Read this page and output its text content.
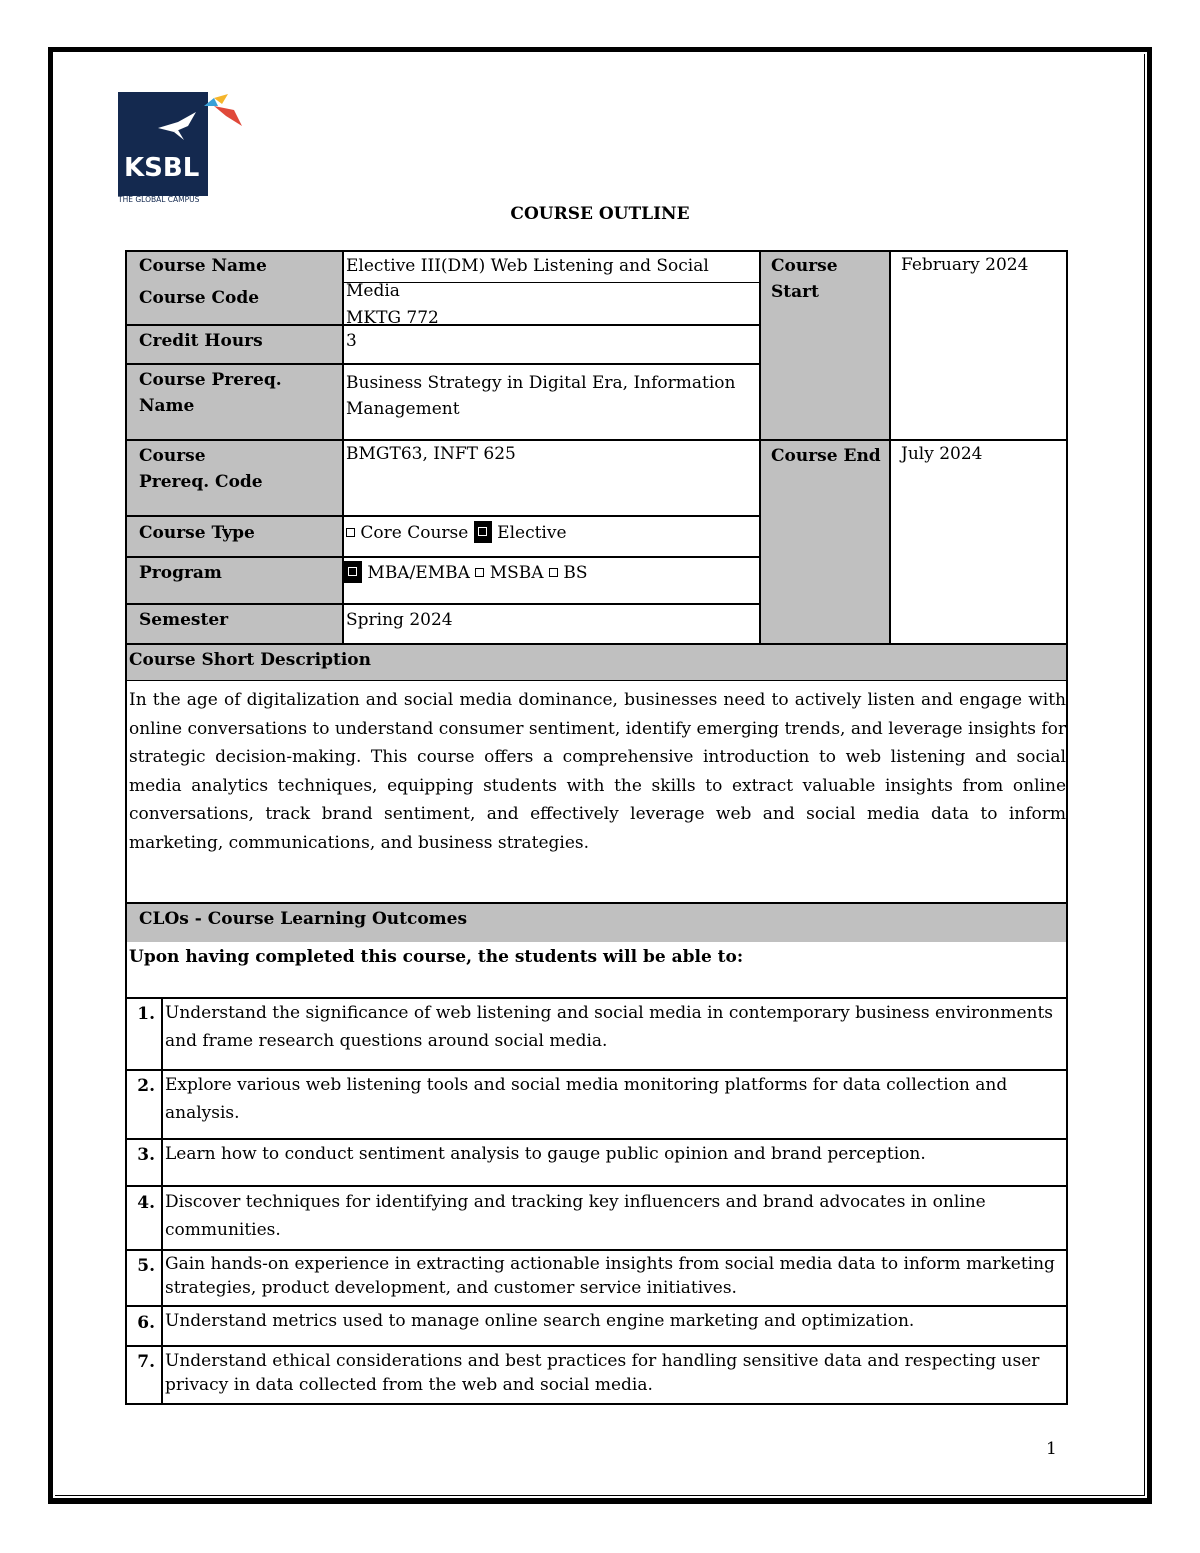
KSBL
THE GLOBAL CAMPUS
COURSE OUTLINE
Course Name
Course Code
Credit Hours
Course Prereq.
Name
Course
Prereq. Code
Course Type
Program
Semester
Course
Start
Course End
Elective III(DM) Web Listening and Social
Media
MKTG 772
3
Business Strategy in Digital Era, Information
Management
BMGT63, INFT 625
Core Course Elective
MBA/EMBA MSBA BS
Spring 2024
February 2024
July 2024
Course Short Description
In the age of digitalization and social media dominance, businesses need to actively listen and engage with online conversations to understand consumer sentiment, identify emerging trends, and leverage insights for strategic decision-making. This course offers a comprehensive introduction to web listening and social media analytics techniques, equipping students with the skills to extract valuable insights from online conversations, track brand sentiment, and effectively leverage web and social media data to inform marketing, communications, and business strategies.
CLOs - Course Learning Outcomes
Upon having completed this course, the students will be able to:
1. Understand the significance of web listening and social media in contemporary business environments and frame research questions around social media.
2. Explore various web listening tools and social media monitoring platforms for data collection and analysis.
3. Learn how to conduct sentiment analysis to gauge public opinion and brand perception.
4. Discover techniques for identifying and tracking key influencers and brand advocates in online communities.
5. Gain hands-on experience in extracting actionable insights from social media data to inform marketing strategies, product development, and customer service initiatives.
6. Understand metrics used to manage online search engine marketing and optimization.
7. Understand ethical considerations and best practices for handling sensitive data and respecting user privacy in data collected from the web and social media.
1
